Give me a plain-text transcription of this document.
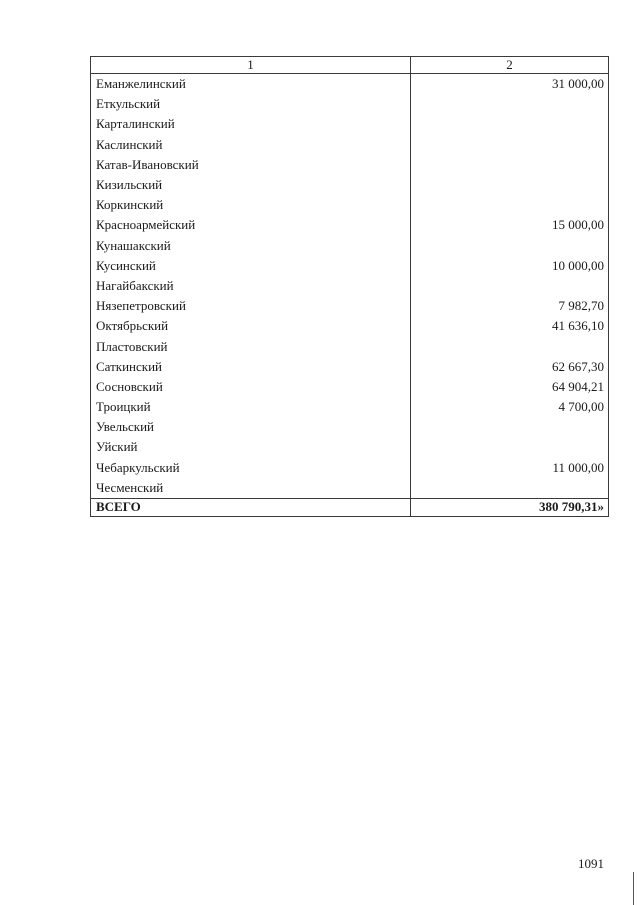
1	2
Еманжелинский	31 000,00
Еткульский
Карталинский
Каслинский
Катав-Ивановский
Кизильский
Коркинский
Красноармейский	15 000,00
Кунашакский
Кусинский	10 000,00
Нагайбакский
Нязепетровский	7 982,70
Октябрьский	41 636,10
Пластовский
Саткинский	62 667,30
Сосновский	64 904,21
Троицкий	4 700,00
Увельский
Уйский
Чебаркульский	11 000,00
Чесменский
ВСЕГО	380 790,31»
1091
